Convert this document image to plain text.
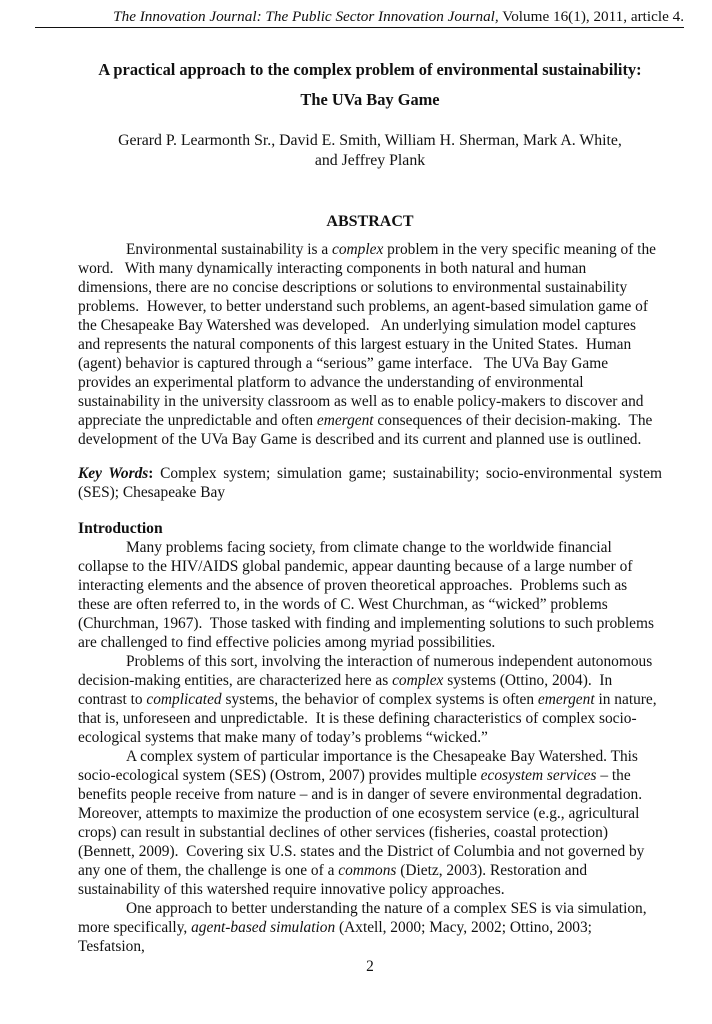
The Innovation Journal: The Public Sector Innovation Journal, Volume 16(1), 2011, article 4.
A practical approach to the complex problem of environmental sustainability:
The UVa Bay Game
Gerard P. Learmonth Sr., David E. Smith, William H. Sherman, Mark A. White,
and Jeffrey Plank
ABSTRACT

Environmental sustainability is a complex problem in the very specific meaning of the word.   With many dynamically interacting components in both natural and human dimensions, there are no concise descriptions or solutions to environmental sustainability problems.  However, to better understand such problems, an agent-based simulation game of the Chesapeake Bay Watershed was developed.   An underlying simulation model captures and represents the natural components of this largest estuary in the United States.  Human (agent) behavior is captured through a “serious” game interface.   The UVa Bay Game provides an experimental platform to advance the understanding of environmental sustainability in the university classroom as well as to enable policy-makers to discover and appreciate the unpredictable and often emergent consequences of their decision-making.  The development of the UVa Bay Game is described and its current and planned use is outlined.

Key Words: Complex system; simulation game; sustainability; socio-environmental system (SES); Chesapeake Bay

Introduction

Many problems facing society, from climate change to the worldwide financial collapse to the HIV/AIDS global pandemic, appear daunting because of a large number of interacting elements and the absence of proven theoretical approaches.  Problems such as these are often referred to, in the words of C. West Churchman, as “wicked” problems (Churchman, 1967).  Those tasked with finding and implementing solutions to such problems are challenged to find effective policies among myriad possibilities.

Problems of this sort, involving the interaction of numerous independent autonomous decision-making entities, are characterized here as complex systems (Ottino, 2004).  In contrast to complicated systems, the behavior of complex systems is often emergent in nature, that is, unforeseen and unpredictable.  It is these defining characteristics of complex socio-ecological systems that make many of today’s problems “wicked.”

A complex system of particular importance is the Chesapeake Bay Watershed. This socio-ecological system (SES) (Ostrom, 2007) provides multiple ecosystem services – the benefits people receive from nature – and is in danger of severe environmental degradation. Moreover, attempts to maximize the production of one ecosystem service (e.g., agricultural crops) can result in substantial declines of other services (fisheries, coastal protection) (Bennett, 2009).  Covering six U.S. states and the District of Columbia and not governed by any one of them, the challenge is one of a commons (Dietz, 2003). Restoration and sustainability of this watershed require innovative policy approaches.

One approach to better understanding the nature of a complex SES is via simulation, more specifically, agent-based simulation (Axtell, 2000; Macy, 2002; Ottino, 2003; Tesfatsion,

2
